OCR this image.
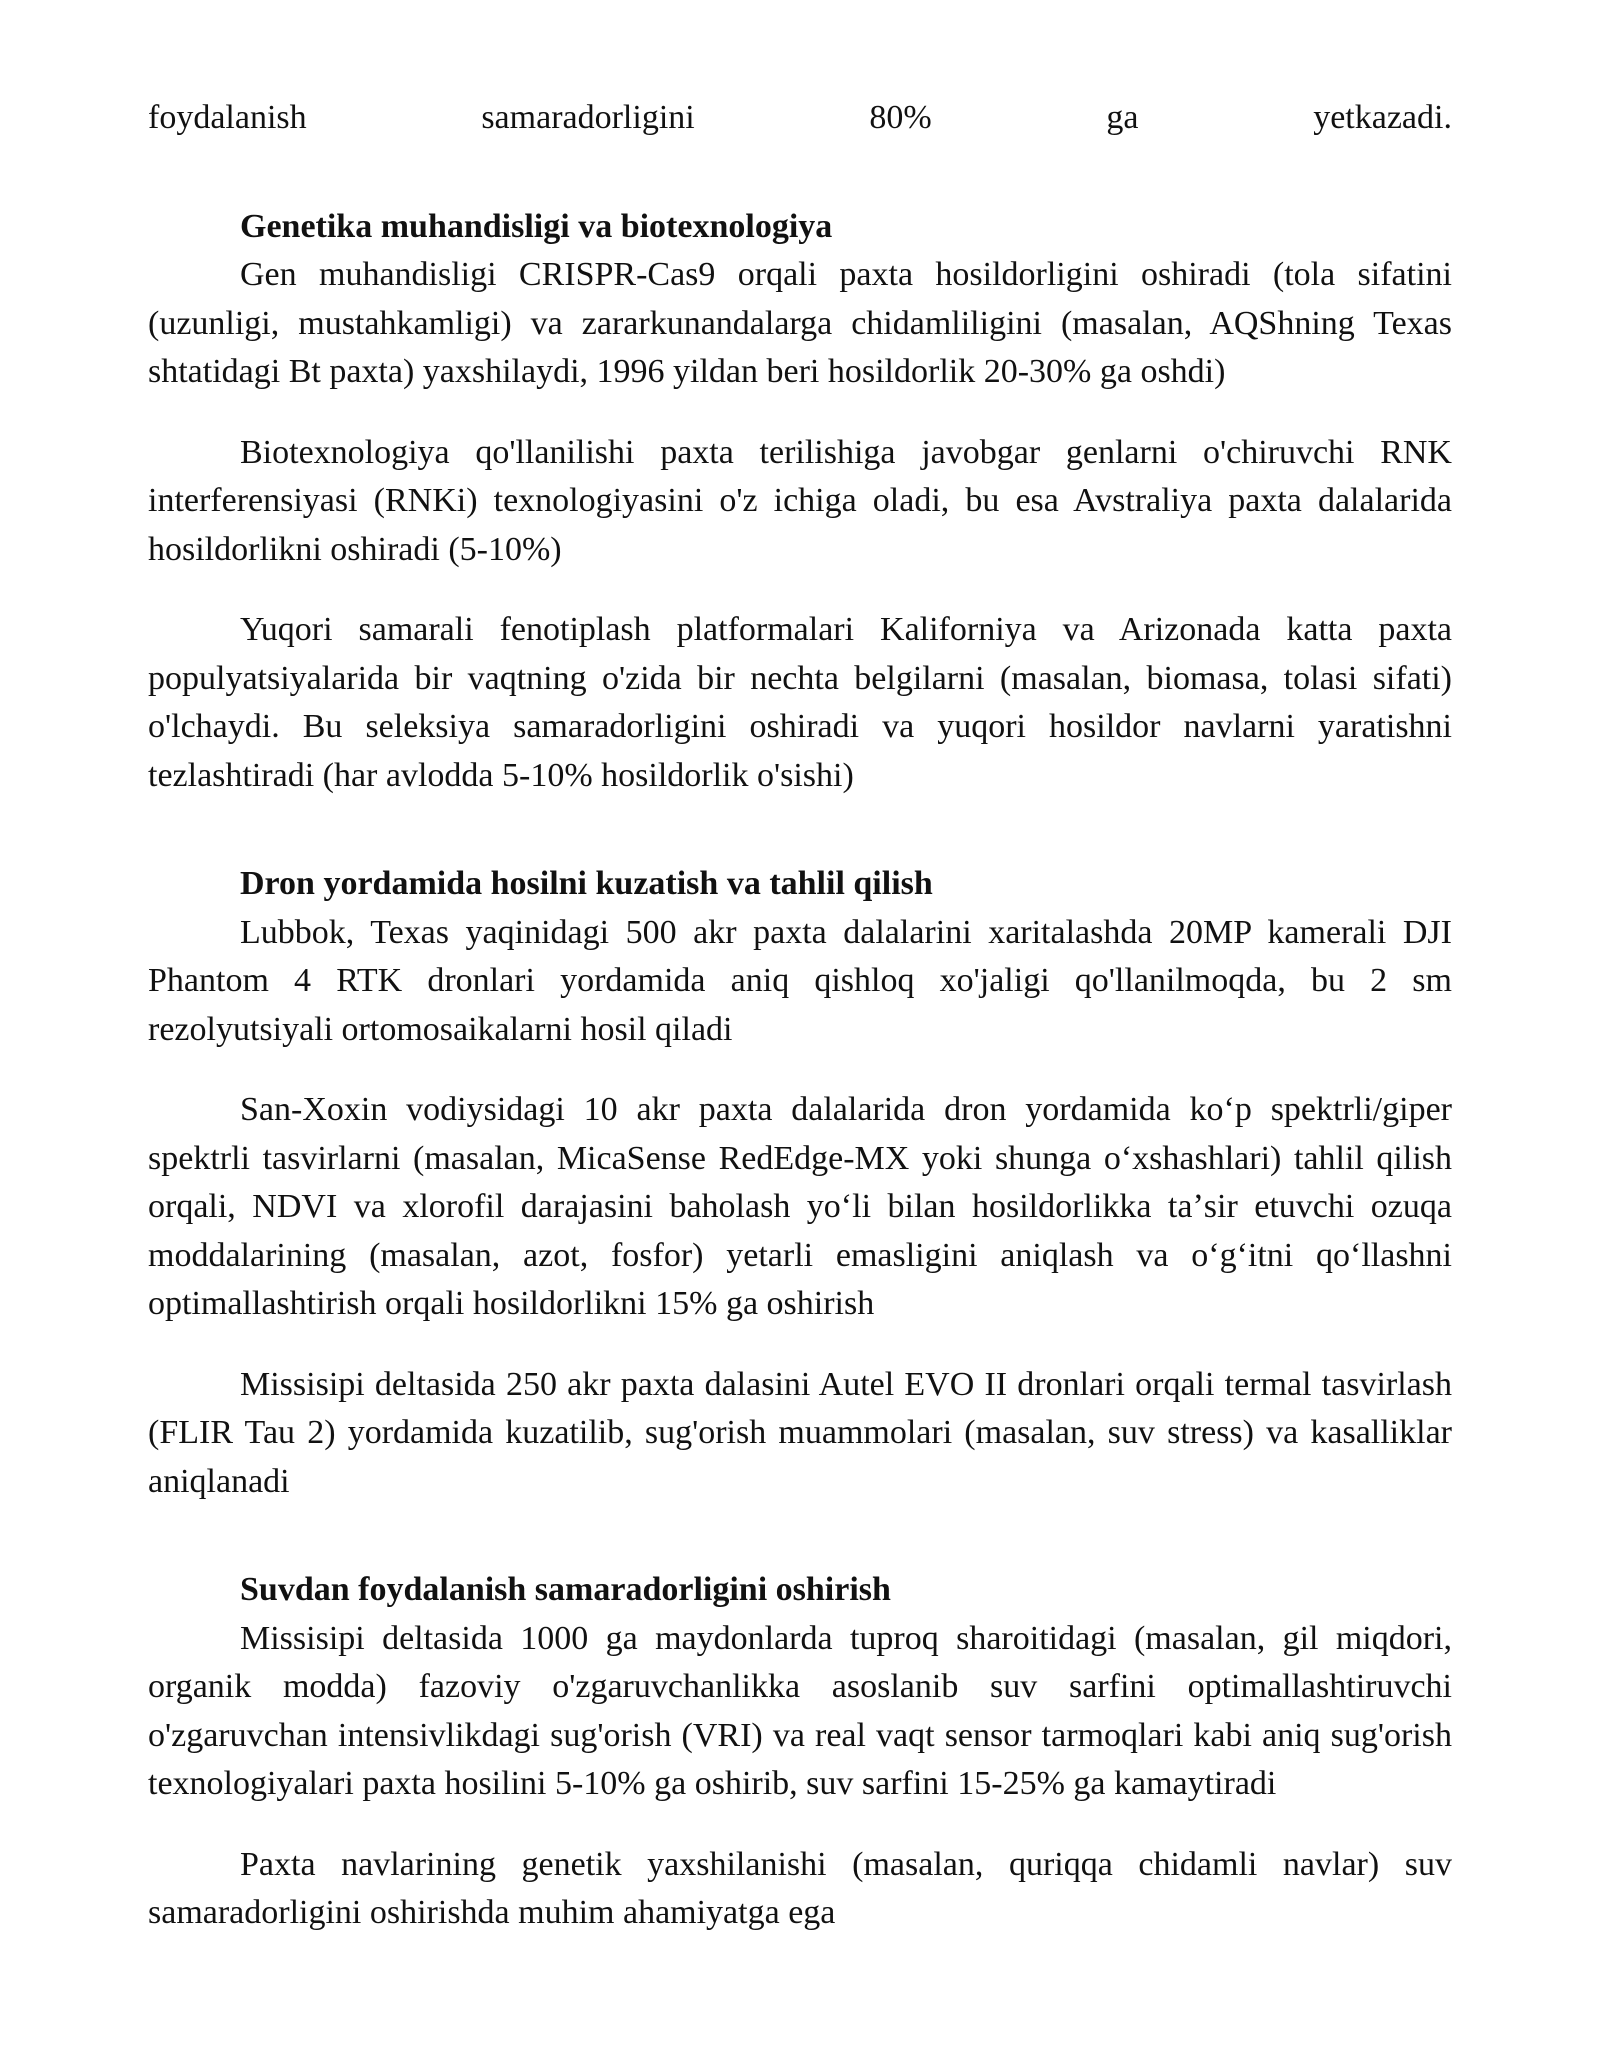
foydalanish	samaradorligini	80%	ga	yetkazadi.

Genetika muhandisligi va biotexnologiya

Gen muhandisligi CRISPR-Cas9 orqali paxta hosildorligini oshiradi (tola sifatini (uzunligi, mustahkamligi) va zararkunandalarga chidamliligini (masalan, AQShning Texas shtatidagi Bt paxta) yaxshilaydi, 1996 yildan beri hosildorlik 20-30% ga oshdi)

Biotexnologiya qo'llanilishi paxta terilishiga javobgar genlarni o'chiruvchi RNK interferensiyasi (RNKi) texnologiyasini o'z ichiga oladi, bu esa Avstraliya paxta dalalarida hosildorlikni oshiradi (5-10%)

Yuqori samarali fenotiplash platformalari Kaliforniya va Arizonada katta paxta populyatsiyalarida bir vaqtning o'zida bir nechta belgilarni (masalan, biomasa, tolasi sifati) o'lchaydi. Bu seleksiya samaradorligini oshiradi va yuqori hosildor navlarni yaratishni tezlashtiradi (har avlodda 5-10% hosildorlik o'sishi)

Dron yordamida hosilni kuzatish va tahlil qilish

Lubbok, Texas yaqinidagi 500 akr paxta dalalarini xaritalashda 20MP kamerali DJI Phantom 4 RTK dronlari yordamida aniq qishloq xo'jaligi qo'llanilmoqda, bu 2 sm rezolyutsiyali ortomosaikalarni hosil qiladi

San-Xoxin vodiysidagi 10 akr paxta dalalarida dron yordamida koʻp spektrli/giper spektrli tasvirlarni (masalan, MicaSense RedEdge-MX yoki shunga oʻxshashlari) tahlil qilish orqali, NDVI va xlorofil darajasini baholash yoʻli bilan hosildorlikka taʼsir etuvchi ozuqa moddalarining (masalan, azot, fosfor) yetarli emasligini aniqlash va oʻgʻitni qoʻllashni optimallashtirish orqali hosildorlikni 15% ga oshirish

Missisipi deltasida 250 akr paxta dalasini Autel EVO II dronlari orqali termal tasvirlash (FLIR Tau 2) yordamida kuzatilib, sug'orish muammolari (masalan, suv stress) va kasalliklar aniqlanadi

Suvdan foydalanish samaradorligini oshirish

Missisipi deltasida 1000 ga maydonlarda tuproq sharoitidagi (masalan, gil miqdori, organik modda) fazoviy o'zgaruvchanlikka asoslanib suv sarfini optimallashtiruvchi o'zgaruvchan intensivlikdagi sug'orish (VRI) va real vaqt sensor tarmoqlari kabi aniq sug'orish texnologiyalari paxta hosilini 5-10% ga oshirib, suv sarfini 15-25% ga kamaytiradi

Paxta navlarining genetik yaxshilanishi (masalan, quriqqa chidamli navlar) suv samaradorligini oshirishda muhim ahamiyatga ega
